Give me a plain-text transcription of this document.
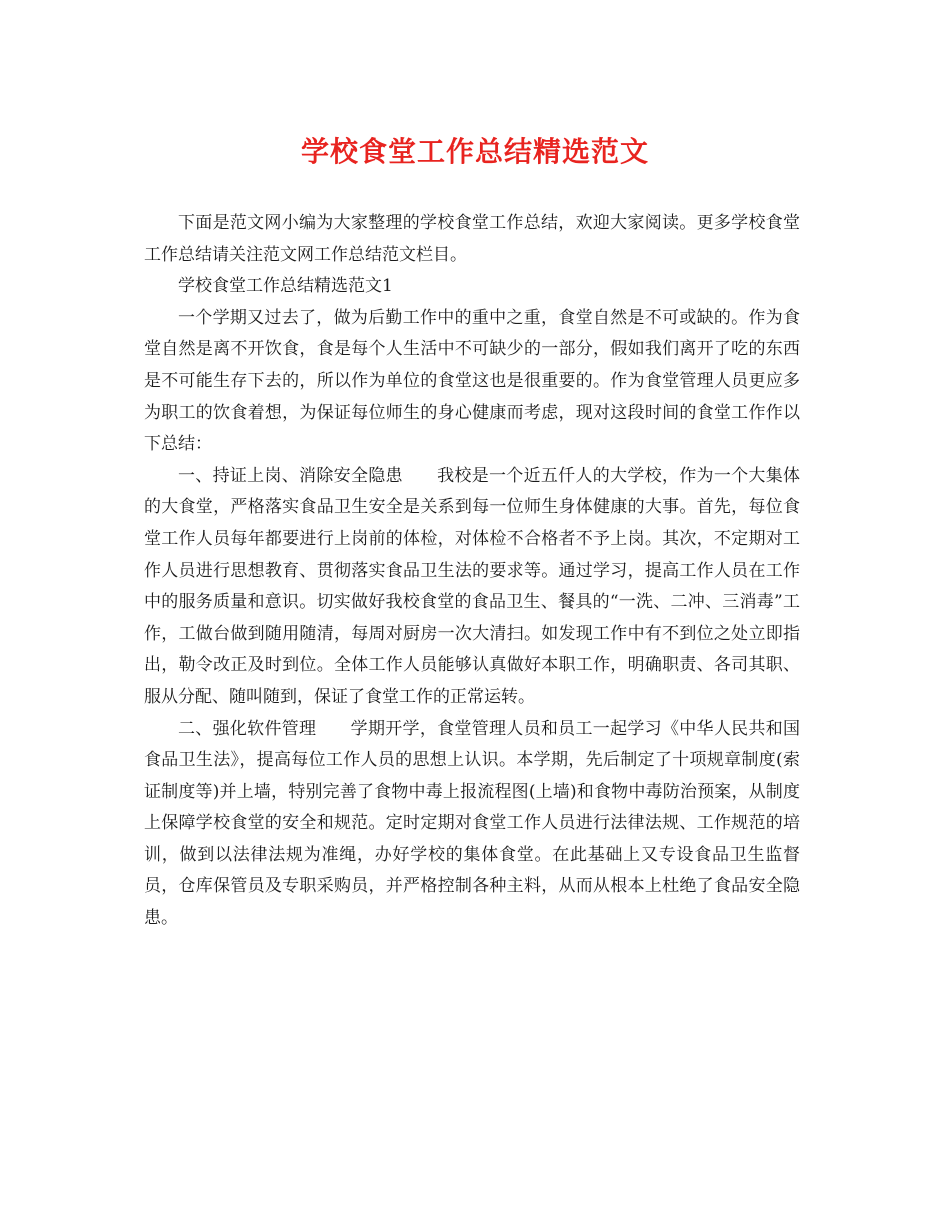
学校食堂工作总结精选范文

下面是范文网小编为大家整理的学校食堂工作总结，欢迎大家阅读。更多学校食堂工作总结请关注范文网工作总结范文栏目。

学校食堂工作总结精选范文1

一个学期又过去了，做为后勤工作中的重中之重，食堂自然是不可或缺的。作为食堂自然是离不开饮食，食是每个人生活中不可缺少的一部分，假如我们离开了吃的东西是不可能生存下去的，所以作为单位的食堂这也是很重要的。作为食堂管理人员更应多为职工的饮食着想，为保证每位师生的身心健康而考虑，现对这段时间的食堂工作作以下总结：

一、持证上岗、消除安全隐患 我校是一个近五仟人的大学校，作为一个大集体的大食堂，严格落实食品卫生安全是关系到每一位师生身体健康的大事。首先，每位食堂工作人员每年都要进行上岗前的体检，对体检不合格者不予上岗。其次，不定期对工作人员进行思想教育、贯彻落实食品卫生法的要求等。通过学习，提高工作人员在工作中的服务质量和意识。切实做好我校食堂的食品卫生、餐具的“一洗、二冲、三消毒”工作，工做台做到随用随清，每周对厨房一次大清扫。如发现工作中有不到位之处立即指出，勒令改正及时到位。全体工作人员能够认真做好本职工作，明确职责、各司其职、服从分配、随叫随到，保证了食堂工作的正常运转。

二、强化软件管理 学期开学，食堂管理人员和员工一起学习《中华人民共和国食品卫生法》，提高每位工作人员的思想上认识。本学期，先后制定了十项规章制度(索证制度等)并上墙，特别完善了食物中毒上报流程图(上墙)和食物中毒防治预案，从制度上保障学校食堂的安全和规范。定时定期对食堂工作人员进行法律法规、工作规范的培训，做到以法律法规为准绳，办好学校的集体食堂。在此基础上又专设食品卫生监督员，仓库保管员及专职采购员，并严格控制各种主料，从而从根本上杜绝了食品安全隐患。
